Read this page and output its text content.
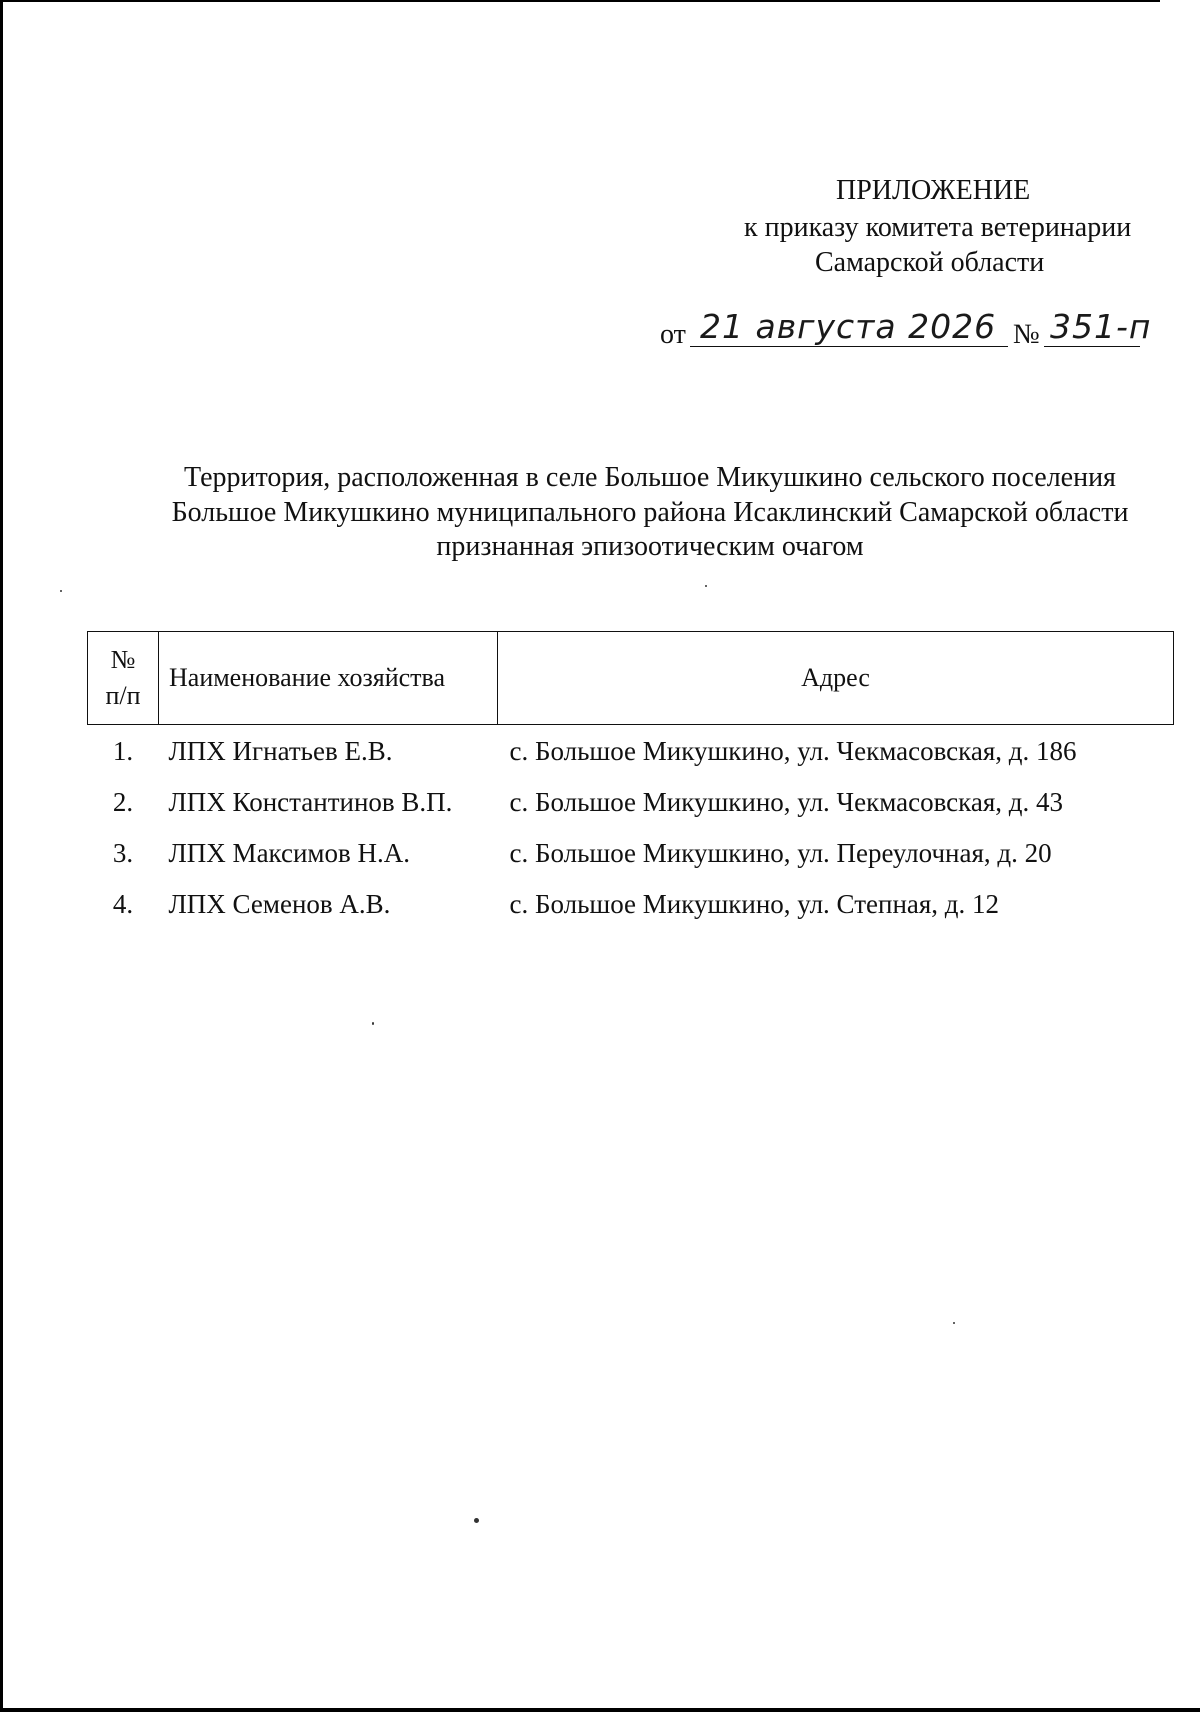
ПРИЛОЖЕНИЕ
к приказу комитета ветеринарии
Самарской области
от 21 августа 2026 № 351-п
Территория, расположенная в селе Большое Микушкино сельского поселения
Большое Микушкино муниципального района Исаклинский Самарской области
признанная эпизоотическим очагом
№
п/п	Наименование хозяйства	Адрес
1.	ЛПХ Игнатьев Е.В.	с. Большое Микушкино, ул. Чекмасовская, д. 186
2.	ЛПХ Константинов В.П.	с. Большое Микушкино, ул. Чекмасовская, д. 43
3.	ЛПХ Максимов Н.А.	с. Большое Микушкино, ул. Переулочная, д. 20
4.	ЛПХ Семенов А.В.	с. Большое Микушкино, ул. Степная, д. 12
